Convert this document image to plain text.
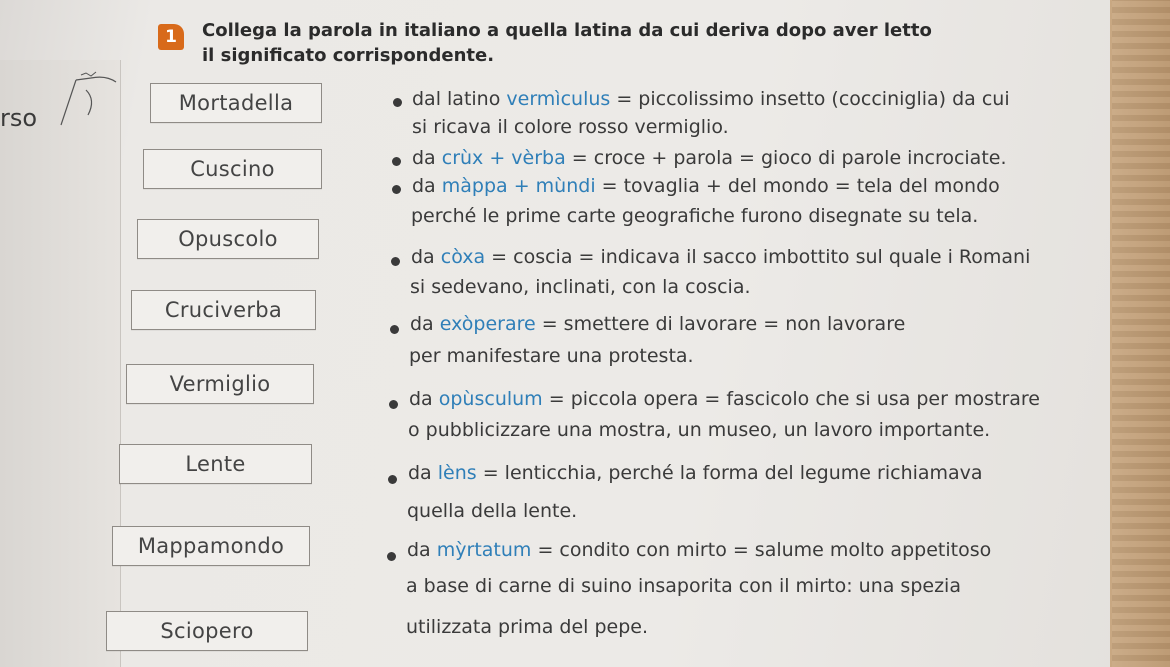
rso
1	Collega la parola in italiano a quella latina da cui deriva dopo aver letto
il significato corrispondente.
Mortadella
Cuscino
Opuscolo
Cruciverba
Vermiglio
Lente
Mappamondo
Sciopero
dal latino vermìculus = piccolissimo insetto (cocciniglia) da cui
si ricava il colore rosso vermiglio.
da crùx + vèrba = croce + parola = gioco di parole incrociate.
da màppa + mùndi = tovaglia + del mondo = tela del mondo
perché le prime carte geografiche furono disegnate su tela.
da còxa = coscia = indicava il sacco imbottito sul quale i Romani
si sedevano, inclinati, con la coscia.
da exòperare = smettere di lavorare = non lavorare
per manifestare una protesta.
da opùsculum = piccola opera = fascicolo che si usa per mostrare
o pubblicizzare una mostra, un museo, un lavoro importante.
da lèns = lenticchia, perché la forma del legume richiamava
quella della lente.
da mỳrtatum = condito con mirto = salume molto appetitoso
a base di carne di suino insaporita con il mirto: una spezia
utilizzata prima del pepe.
